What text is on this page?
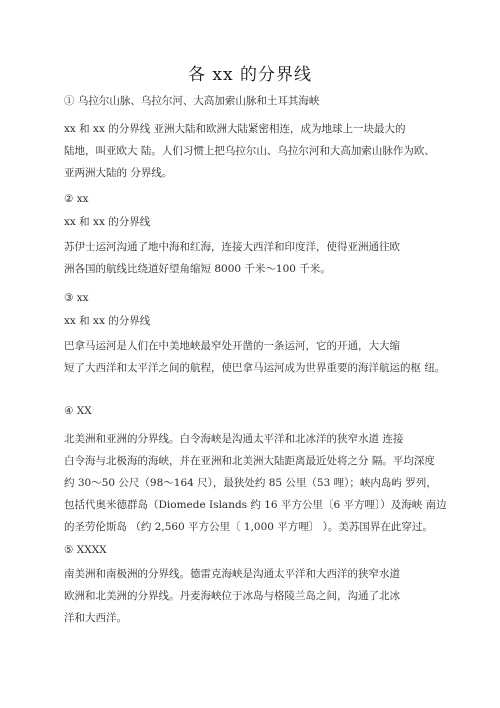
各 xx 的分界线
① 乌拉尔山脉、乌拉尔河、大高加索山脉和土耳其海峡
xx 和 xx 的分界线 亚洲大陆和欧洲大陆紧密相连，成为地球上一块最大的
陆地，叫亚欧大 陆。人们习惯上把乌拉尔山、乌拉尔河和大高加索山脉作为欧、
亚两洲大陆的 分界线。
② xx
xx 和 xx 的分界线
苏伊士运河沟通了地中海和红海，连接大西洋和印度洋，使得亚洲通往欧
洲各国的航线比绕道好望角缩短 8000 千米～100 千米。
③ xx
xx 和 xx 的分界线
巴拿马运河是人们在中美地峡最窄处开凿的一条运河，它的开通，大大缩
短了大西洋和太平洋之间的航程，使巴拿马运河成为世界重要的海洋航运的枢 纽。
④ XX
北美洲和亚洲的分界线。白令海峡是沟通太平洋和北冰洋的狭窄水道 连接
白令海与北极海的海峡，并在亚洲和北美洲大陆距离最近处将之分 隔。平均深度
约 30～50 公尺（98～164 尺），最狭处约 85 公里（53 哩）；峡内岛屿 罗列，
包括代奥米德群岛（Diomede Islands 约 16 平方公里〔6 平方哩〕）及海峡 南边
的圣劳伦斯岛 （约 2,560 平方公里〔 1,000 平方哩〕 ）。美苏国界在此穿过。
⑤ XXXX
南美洲和南极洲的分界线。德雷克海峡是沟通太平洋和大西洋的狭窄水道
欧洲和北美洲的分界线。丹麦海峡位于冰岛与格陵兰岛之间，沟通了北冰
洋和大西洋。
